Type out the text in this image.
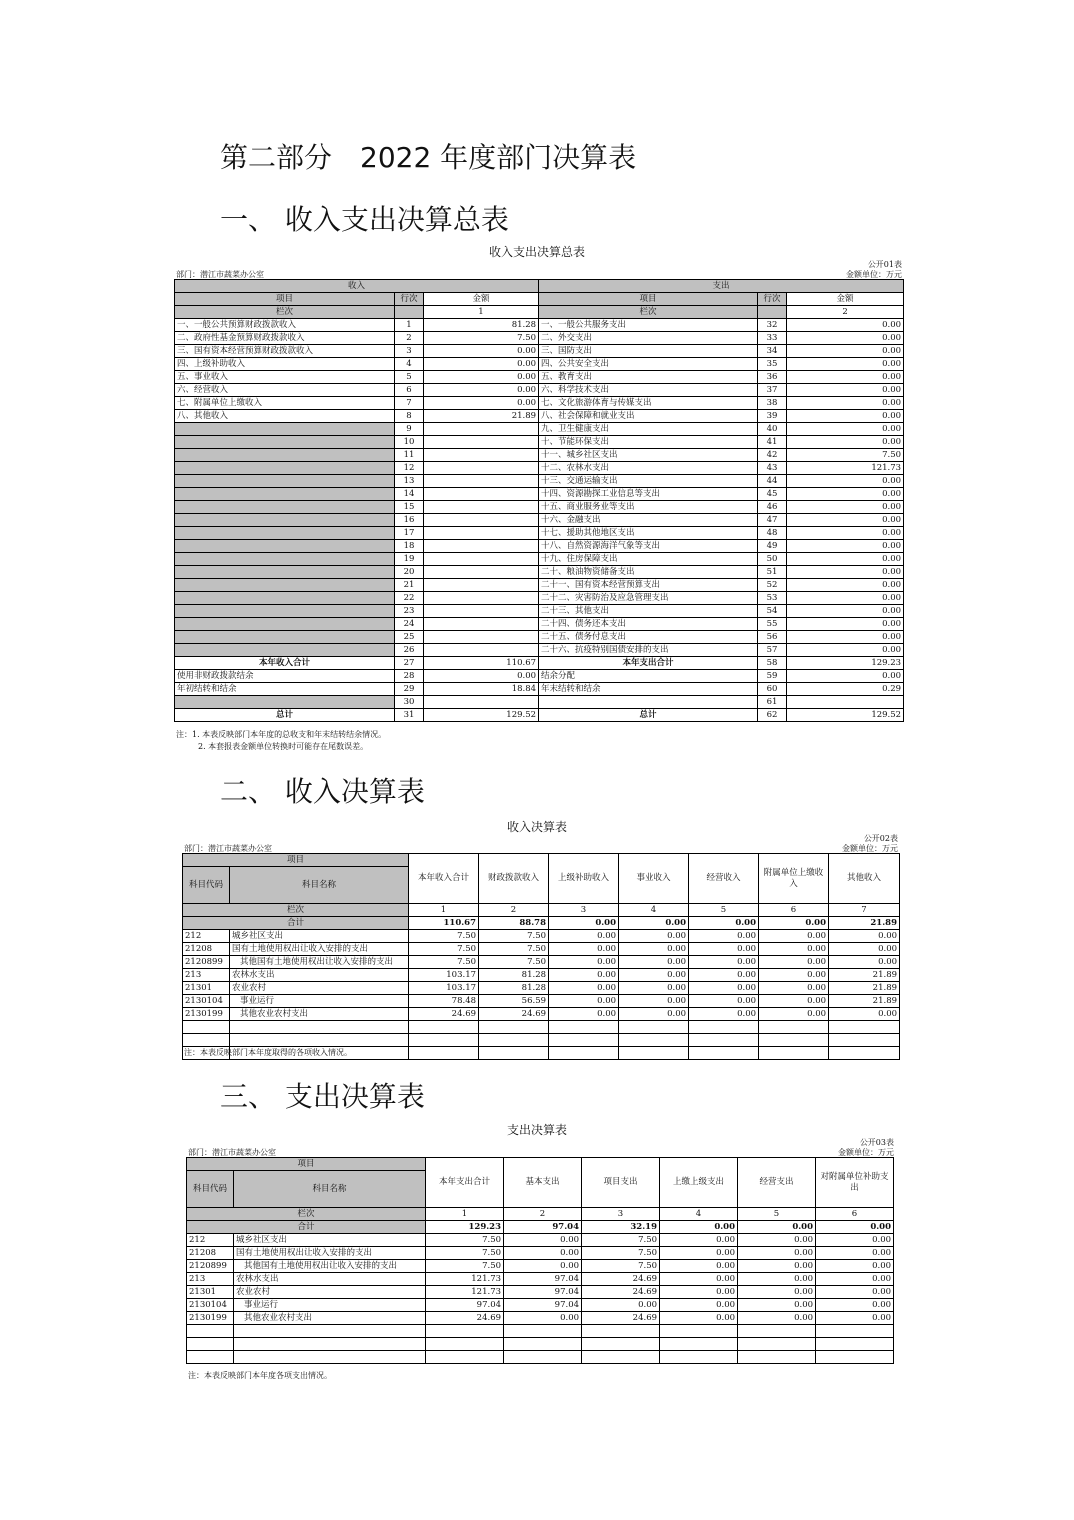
第二部分　2022 年度部门决算表
一、 收入支出决算总表
收入支出决算总表
公开01表
部门：潜江市蔬菜办公室	金额单位：万元
收入			支出		
项目	行次	金额	项目	行次	金额
栏次		1	栏次		2
一、一般公共预算财政拨款收入	1	81.28	一、一般公共服务支出	32	0.00
二、政府性基金预算财政拨款收入	2	7.50	二、外交支出	33	0.00
三、国有资本经营预算财政拨款收入	3	0.00	三、国防支出	34	0.00
四、上级补助收入	4	0.00	四、公共安全支出	35	0.00
五、事业收入	5	0.00	五、教育支出	36	0.00
六、经营收入	6	0.00	六、科学技术支出	37	0.00
七、附属单位上缴收入	7	0.00	七、文化旅游体育与传媒支出	38	0.00
八、其他收入	8	21.89	八、社会保障和就业支出	39	0.00
	9		九、卫生健康支出	40	0.00
	10		十、节能环保支出	41	0.00
	11		十一、城乡社区支出	42	7.50
	12		十二、农林水支出	43	121.73
	13		十三、交通运输支出	44	0.00
	14		十四、资源勘探工业信息等支出	45	0.00
	15		十五、商业服务业等支出	46	0.00
	16		十六、金融支出	47	0.00
	17		十七、援助其他地区支出	48	0.00
	18		十八、自然资源海洋气象等支出	49	0.00
	19		十九、住房保障支出	50	0.00
	20		二十、粮油物资储备支出	51	0.00
	21		二十一、国有资本经营预算支出	52	0.00
	22		二十二、灾害防治及应急管理支出	53	0.00
	23		二十三、其他支出	54	0.00
	24		二十四、债务还本支出	55	0.00
	25		二十五、债务付息支出	56	0.00
	26		二十六、抗疫特别国债安排的支出	57	0.00
本年收入合计	27	110.67	本年支出合计	58	129.23
使用非财政拨款结余	28	0.00	结余分配	59	0.00
年初结转和结余	29	18.84	年末结转和结余	60	0.29
	30			61	
总计	31	129.52	总计	62	129.52
注：1. 本表反映部门本年度的总收支和年末结转结余情况。
2. 本套报表金额单位转换时可能存在尾数误差。
二、 收入决算表
收入决算表
公开02表
部门：潜江市蔬菜办公室	金额单位：万元
项目		本年收入合计	财政拨款收入	上级补助收入	事业收入	经营收入	附属单位上缴收入	其他收入
科目代码	科目名称							
栏次		1	2	3	4	5	6	7
合计		110.67	88.78	0.00	0.00	0.00	0.00	21.89
212	城乡社区支出	7.50	7.50	0.00	0.00	0.00	0.00	0.00
21208	国有土地使用权出让收入安排的支出	7.50	7.50	0.00	0.00	0.00	0.00	0.00
2120899	其他国有土地使用权出让收入安排的支出	7.50	7.50	0.00	0.00	0.00	0.00	0.00
213	农林水支出	103.17	81.28	0.00	0.00	0.00	0.00	21.89
21301	农业农村	103.17	81.28	0.00	0.00	0.00	0.00	21.89
2130104	事业运行	78.48	56.59	0.00	0.00	0.00	0.00	21.89
2130199	其他农业农村支出	24.69	24.69	0.00	0.00	0.00	0.00	0.00

注：本表反映部门本年度取得的各项收入情况。
三、 支出决算表
支出决算表
公开03表
部门：潜江市蔬菜办公室	金额单位：万元
项目		本年支出合计	基本支出	项目支出	上缴上级支出	经营支出	对附属单位补助支出
科目代码	科目名称						
栏次		1	2	3	4	5	6
合计		129.23	97.04	32.19	0.00	0.00	0.00
212	城乡社区支出	7.50	0.00	7.50	0.00	0.00	0.00
21208	国有土地使用权出让收入安排的支出	7.50	0.00	7.50	0.00	0.00	0.00
2120899	其他国有土地使用权出让收入安排的支出	7.50	0.00	7.50	0.00	0.00	0.00
213	农林水支出	121.73	97.04	24.69	0.00	0.00	0.00
21301	农业农村	121.73	97.04	24.69	0.00	0.00	0.00
2130104	事业运行	97.04	97.04	0.00	0.00	0.00	0.00
2130199	其他农业农村支出	24.69	0.00	24.69	0.00	0.00	0.00

注：本表反映部门本年度各项支出情况。
